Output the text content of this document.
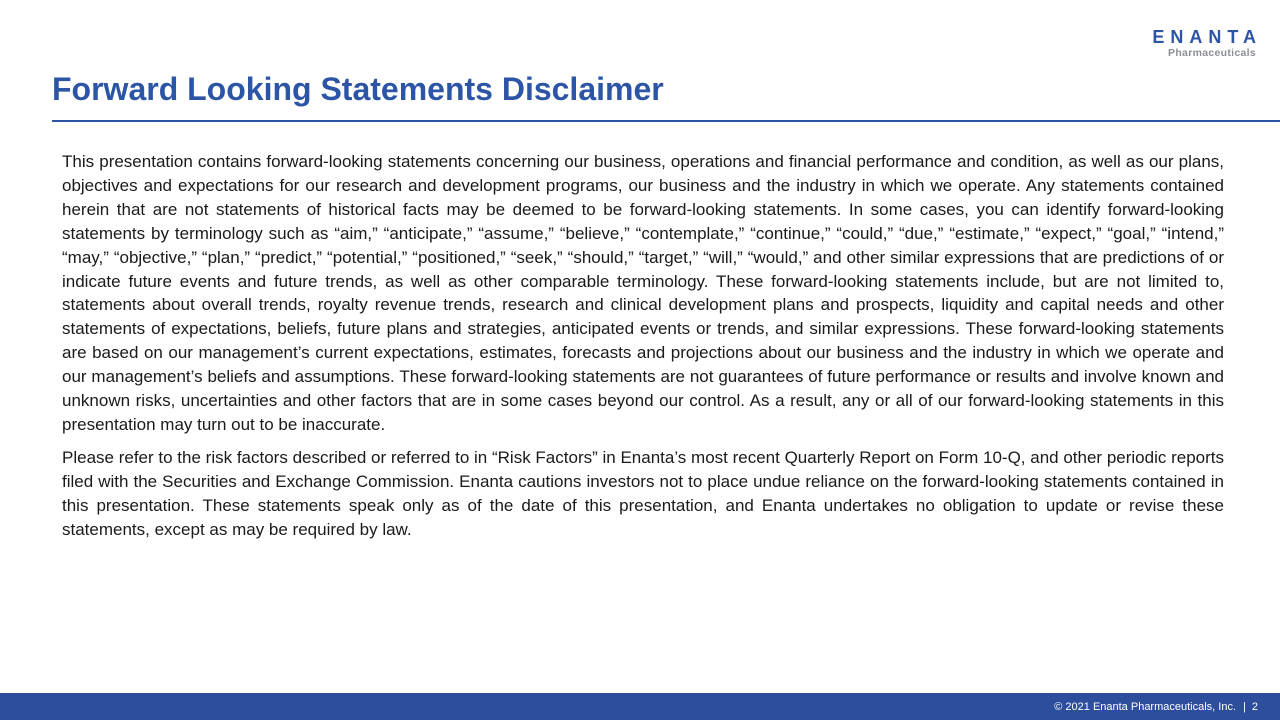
ENANTA
Pharmaceuticals
Forward Looking Statements Disclaimer

This presentation contains forward-looking statements concerning our business, operations and financial performance and condition, as well as our plans, objectives and expectations for our research and development programs, our business and the industry in which we operate. Any statements contained herein that are not statements of historical facts may be deemed to be forward-looking statements. In some cases, you can identify forward-looking statements by terminology such as “aim,” “anticipate,” “assume,” “believe,” “contemplate,” “continue,” “could,” “due,” “estimate,” “expect,” “goal,” “intend,” “may,” “objective,” “plan,” “predict,” “potential,” “positioned,” “seek,” “should,” “target,” “will,” “would,” and other similar expressions that are predictions of or indicate future events and future trends, as well as other comparable terminology. These forward-looking statements include, but are not limited to, statements about overall trends, royalty revenue trends, research and clinical development plans and prospects, liquidity and capital needs and other statements of expectations, beliefs, future plans and strategies, anticipated events or trends, and similar expressions. These forward-looking statements are based on our management’s current expectations, estimates, forecasts and projections about our business and the industry in which we operate and our management’s beliefs and assumptions. These forward-looking statements are not guarantees of future performance or results and involve known and unknown risks, uncertainties and other factors that are in some cases beyond our control. As a result, any or all of our forward-looking statements in this presentation may turn out to be inaccurate.

Please refer to the risk factors described or referred to in “Risk Factors” in Enanta’s most recent Quarterly Report on Form 10-Q, and other periodic reports filed with the Securities and Exchange Commission. Enanta cautions investors not to place undue reliance on the forward-looking statements contained in this presentation. These statements speak only as of the date of this presentation, and Enanta undertakes no obligation to update or revise these statements, except as may be required by law.

© 2021 Enanta Pharmaceuticals, Inc. | 2
